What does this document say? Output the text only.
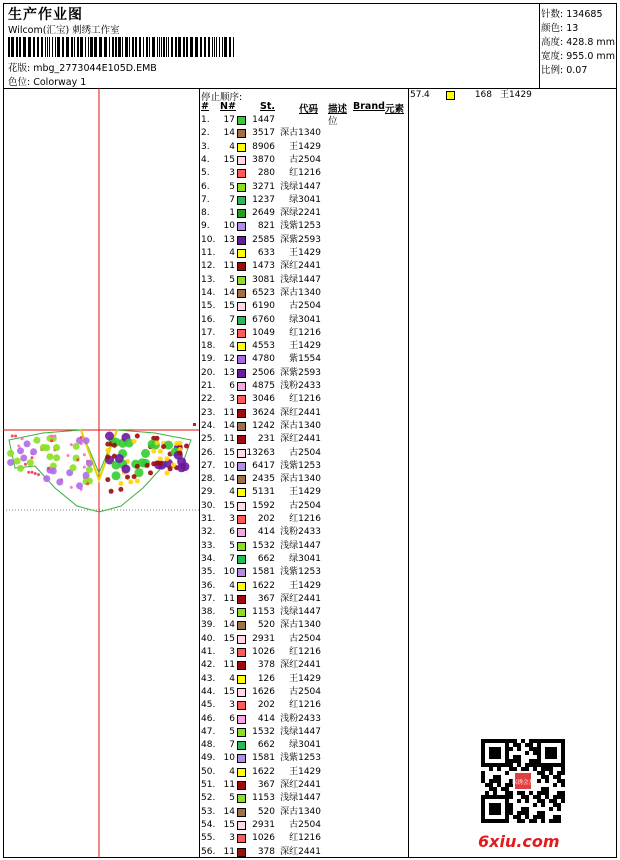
生产作业图
Wilcom(汇宝) 刺绣工作室
花版: mbg_2773044E105D.EMB
色位: Colorway 1
针数: 134685
颜色: 13
高度: 428.8 mm
宽度: 955.0 mm
比例: 0.07
停止顺序:
# N#	St.	代码 描述 Brand 元素
位
1.	17	1447
2.	14	3517 深古1340
3.	4	8906	王1429
4.	15	3870	古2504
5.	3	280	红1216
6.	5	3271 浅绿1447
7.	7	1237	绿3041
8.	1	2649 深绿2241
9.	10	821 浅紫1253
10. 13	2585 深紫2593
11.	4	633	王1429
12. 11	1473 深红2441
13.	5	3081 浅绿1447
14. 14	6523 深古1340
15. 15	6190	古2504
16.	7	6760	绿3041
17.	3	1049	红1216
18.	4	4553	王1429
19. 12	4780	紫1554
20. 13	2506 深紫2593
21.	6	4875 浅粉2433
22.	3	3046	红1216
23. 11	3624 深红2441
24. 14	1242 深古1340
25. 11	231 深红2441
26. 15	13263	古2504
27. 10	6417 浅紫1253
28. 14	2435 深古1340
29.	4	5131	王1429
30. 15	1592	古2504
31.	3	202	红1216
32.	6	414 浅粉2433
33.	5	1532 浅绿1447
34.	7	662	绿3041
35. 10	1581 浅紫1253
36.	4	1622	王1429
37. 11	367 深红2441
38.	5	1153 浅绿1447
39. 14	520 深古1340
40. 15	2931	古2504
41.	3	1026	红1216
42. 11	378 深红2441
43.	4	126	王1429
44. 15	1626	古2504
45.	3	202	红1216
46.	6	414 浅粉2433
47.	5	1532 浅绿1447
48.	7	662	绿3041
49. 10	1581 浅紫1253
50.	4	1622	王1429
51. 11	367 深红2441
52.	5	1153 浅绿1447
53. 14	520 深古1340
54. 15	2931	古2504
55.	3	1026	红1216
56. 11	378 深红2441
57. 4	168 王1429
以绣会友
6xiu.com
